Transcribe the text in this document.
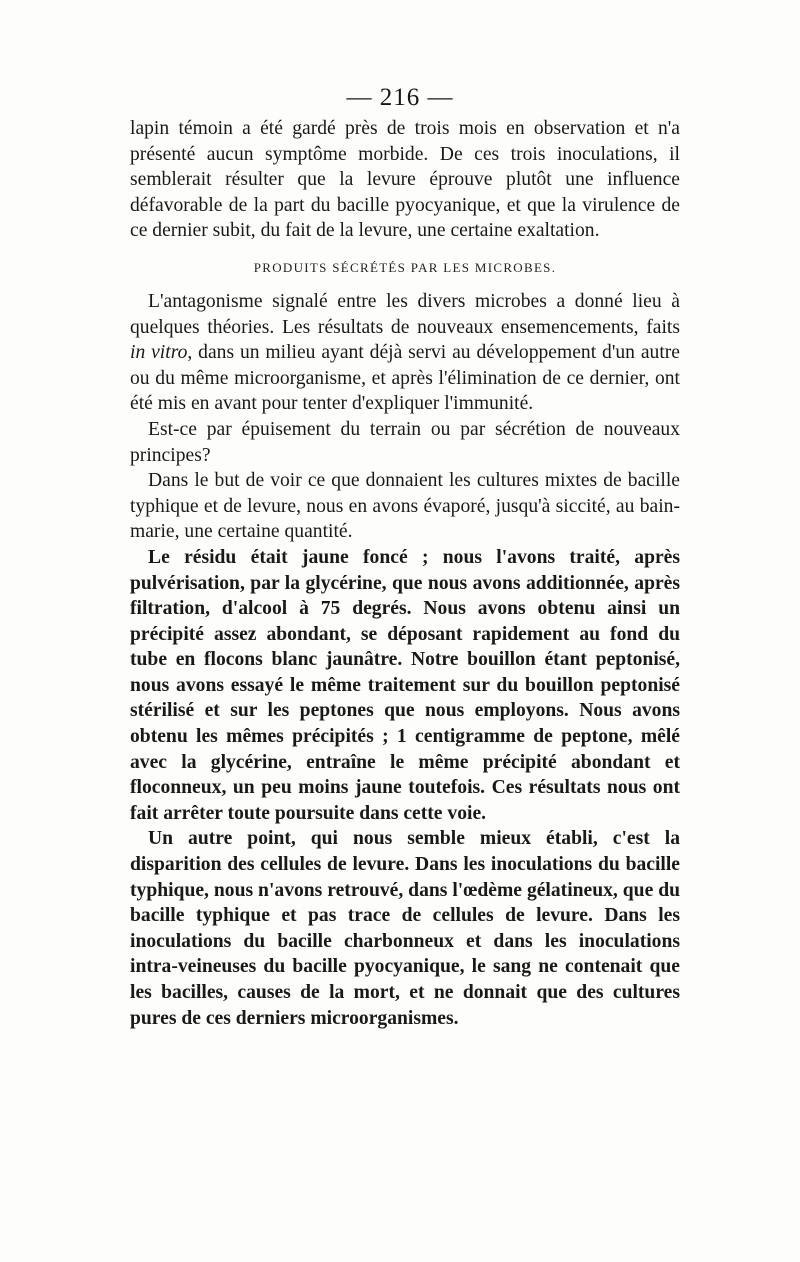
— 216 —

lapin témoin a été gardé près de trois mois en observation et n'a présenté aucun symptôme morbide. De ces trois inoculations, il semblerait résulter que la levure éprouve plutôt une influence défavorable de la part du bacille pyocyanique, et que la virulence de ce dernier subit, du fait de la levure, une certaine exaltation.

PRODUITS SÉCRÉTÉS PAR LES MICROBES.

L'antagonisme signalé entre les divers microbes a donné lieu à quelques théories. Les résultats de nouveaux ensemencements, faits in vitro, dans un milieu ayant déjà servi au développement d'un autre ou du même microorganisme, et après l'élimination de ce dernier, ont été mis en avant pour tenter d'expliquer l'immunité.

Est-ce par épuisement du terrain ou par sécrétion de nouveaux principes?

Dans le but de voir ce que donnaient les cultures mixtes de bacille typhique et de levure, nous en avons évaporé, jusqu'à siccité, au bain-marie, une certaine quantité.

Le résidu était jaune foncé ; nous l'avons traité, après pulvérisation, par la glycérine, que nous avons additionnée, après filtration, d'alcool à 75 degrés. Nous avons obtenu ainsi un précipité assez abondant, se déposant rapidement au fond du tube en flocons blanc jaunâtre. Notre bouillon étant peptonisé, nous avons essayé le même traitement sur du bouillon peptonisé stérilisé et sur les peptones que nous employons. Nous avons obtenu les mêmes précipités ; 1 centigramme de peptone, mêlé avec la glycérine, entraîne le même précipité abondant et floconneux, un peu moins jaune toutefois. Ces résultats nous ont fait arrêter toute poursuite dans cette voie.

Un autre point, qui nous semble mieux établi, c'est la disparition des cellules de levure. Dans les inoculations du bacille typhique, nous n'avons retrouvé, dans l'œdème gélatineux, que du bacille typhique et pas trace de cellules de levure. Dans les inoculations du bacille charbonneux et dans les inoculations intra-veineuses du bacille pyocyanique, le sang ne contenait que les bacilles, causes de la mort, et ne donnait que des cultures pures de ces derniers microorganismes.
